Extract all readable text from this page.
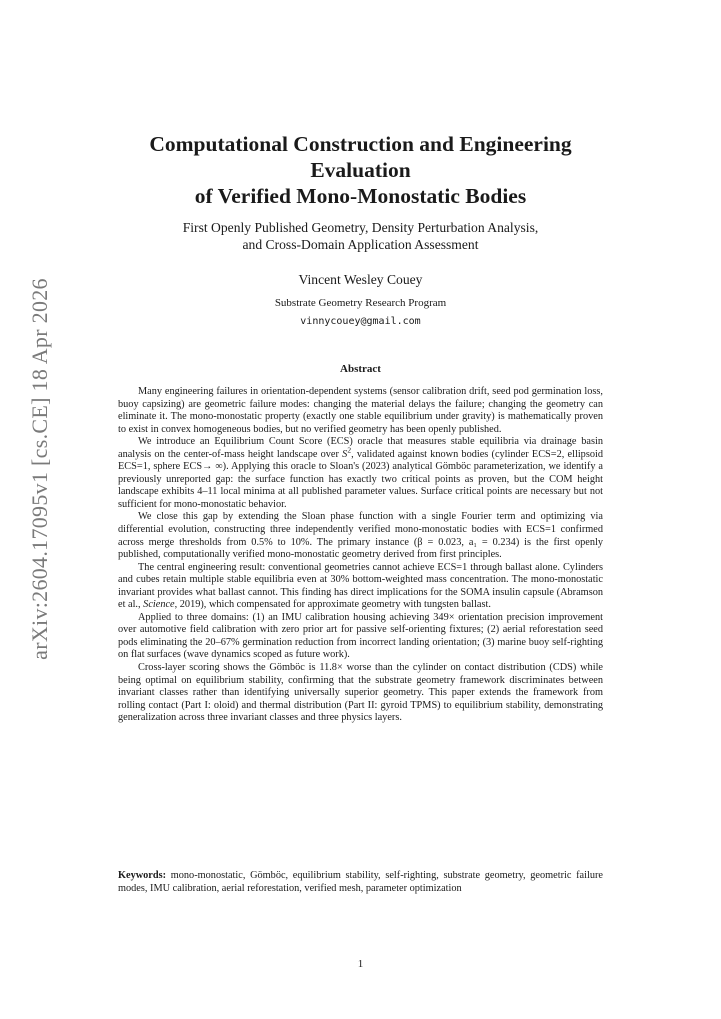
arXiv:2604.17095v1 [cs.CE] 18 Apr 2026
Computational Construction and Engineering
Evaluation
of Verified Mono-Monostatic Bodies
First Openly Published Geometry, Density Perturbation Analysis,
and Cross-Domain Application Assessment
Vincent Wesley Couey
Substrate Geometry Research Program
vinnycouey@gmail.com
Abstract

Many engineering failures in orientation-dependent systems (sensor calibration drift, seed pod germination loss, buoy capsizing) are geometric failure modes: changing the material delays the failure; changing the geometry can eliminate it. The mono-monostatic property (exactly one stable equilibrium under gravity) is mathematically proven to exist in convex homogeneous bodies, but no verified geometry has been openly published.

We introduce an Equilibrium Count Score (ECS) oracle that measures stable equilibria via drainage basin analysis on the center-of-mass height landscape over $S^2$, validated against known bodies (cylinder ECS=2, ellipsoid ECS=1, sphere ECS→ ∞). Applying this oracle to Sloan's (2023) analytical Gömböc parameterization, we identify a previously unreported gap: the surface function has exactly two critical points as proven, but the COM height landscape exhibits 4–11 local minima at all published parameter values. Surface critical points are necessary but not sufficient for mono-monostatic behavior.

We close this gap by extending the Sloan phase function with a single Fourier term and optimizing via differential evolution, constructing three independently verified mono-monostatic bodies with ECS=1 confirmed across merge thresholds from 0.5% to 10%. The primary instance (β = 0.023, a₁ = 0.234) is the first openly published, computationally verified mono-monostatic geometry derived from first principles.

The central engineering result: conventional geometries cannot achieve ECS=1 through ballast alone. Cylinders and cubes retain multiple stable equilibria even at 30% bottom-weighted mass concentration. The mono-monostatic invariant provides what ballast cannot. This finding has direct implications for the SOMA insulin capsule (Abramson et al., Science, 2019), which compensated for approximate geometry with tungsten ballast.

Applied to three domains: (1) an IMU calibration housing achieving 349× orientation precision improvement over automotive field calibration with zero prior art for passive self-orienting fixtures; (2) aerial reforestation seed pods eliminating the 20–67% germination reduction from incorrect landing orientation; (3) marine buoy self-righting on flat surfaces (wave dynamics scoped as future work).

Cross-layer scoring shows the Gömböc is 11.8× worse than the cylinder on contact distribution (CDS) while being optimal on equilibrium stability, confirming that the substrate geometry framework discriminates between invariant classes rather than identifying universally superior geometry. This paper extends the framework from rolling contact (Part I: oloid) and thermal distribution (Part II: gyroid TPMS) to equilibrium stability, demonstrating generalization across three invariant classes and three physics layers.

Keywords: mono-monostatic, Gömböc, equilibrium stability, self-righting, substrate geometry, geometric failure modes, IMU calibration, aerial reforestation, verified mesh, parameter optimization
1
